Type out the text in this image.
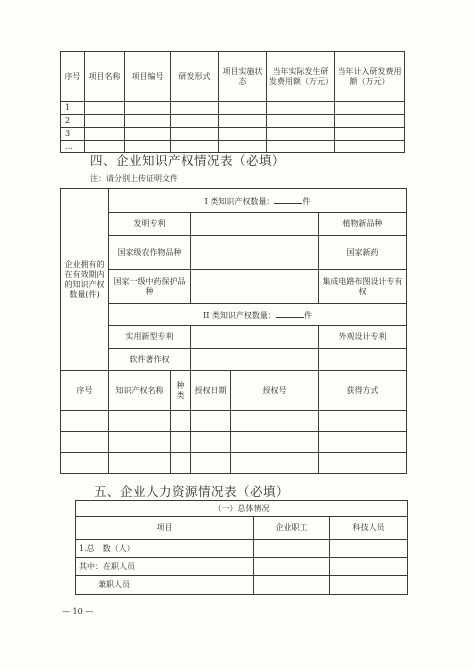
序号	项目名称	项目编号	研发形式	项目实施状态	当年实际发生研发费用额（万元）	当年计入研发费用额（万元）
1						
2						
3						
…						
四、企业知识产权情况表（必填）
注：请分别上传证明文件
企业拥有的在有效期内的知识产权数量(件)	I 类知识产权数量： 件				
	发明专利				植物新品种
	国家级农作物品种				国家新药
	国家一级中药保护品种				集成电路布图设计专有权
	II 类知识产权数量： 件				
	实用新型专利				外观设计专利
	软件著作权				
序号	知识产权名称	种类	授权日期	授权号	获得方式

五、企业人力资源情况表（必填）
（一）总体情况		
项目	企业职工	科技人员
1.总　数（人）		
其中：在职人员		
兼职人员		
— 10 —
